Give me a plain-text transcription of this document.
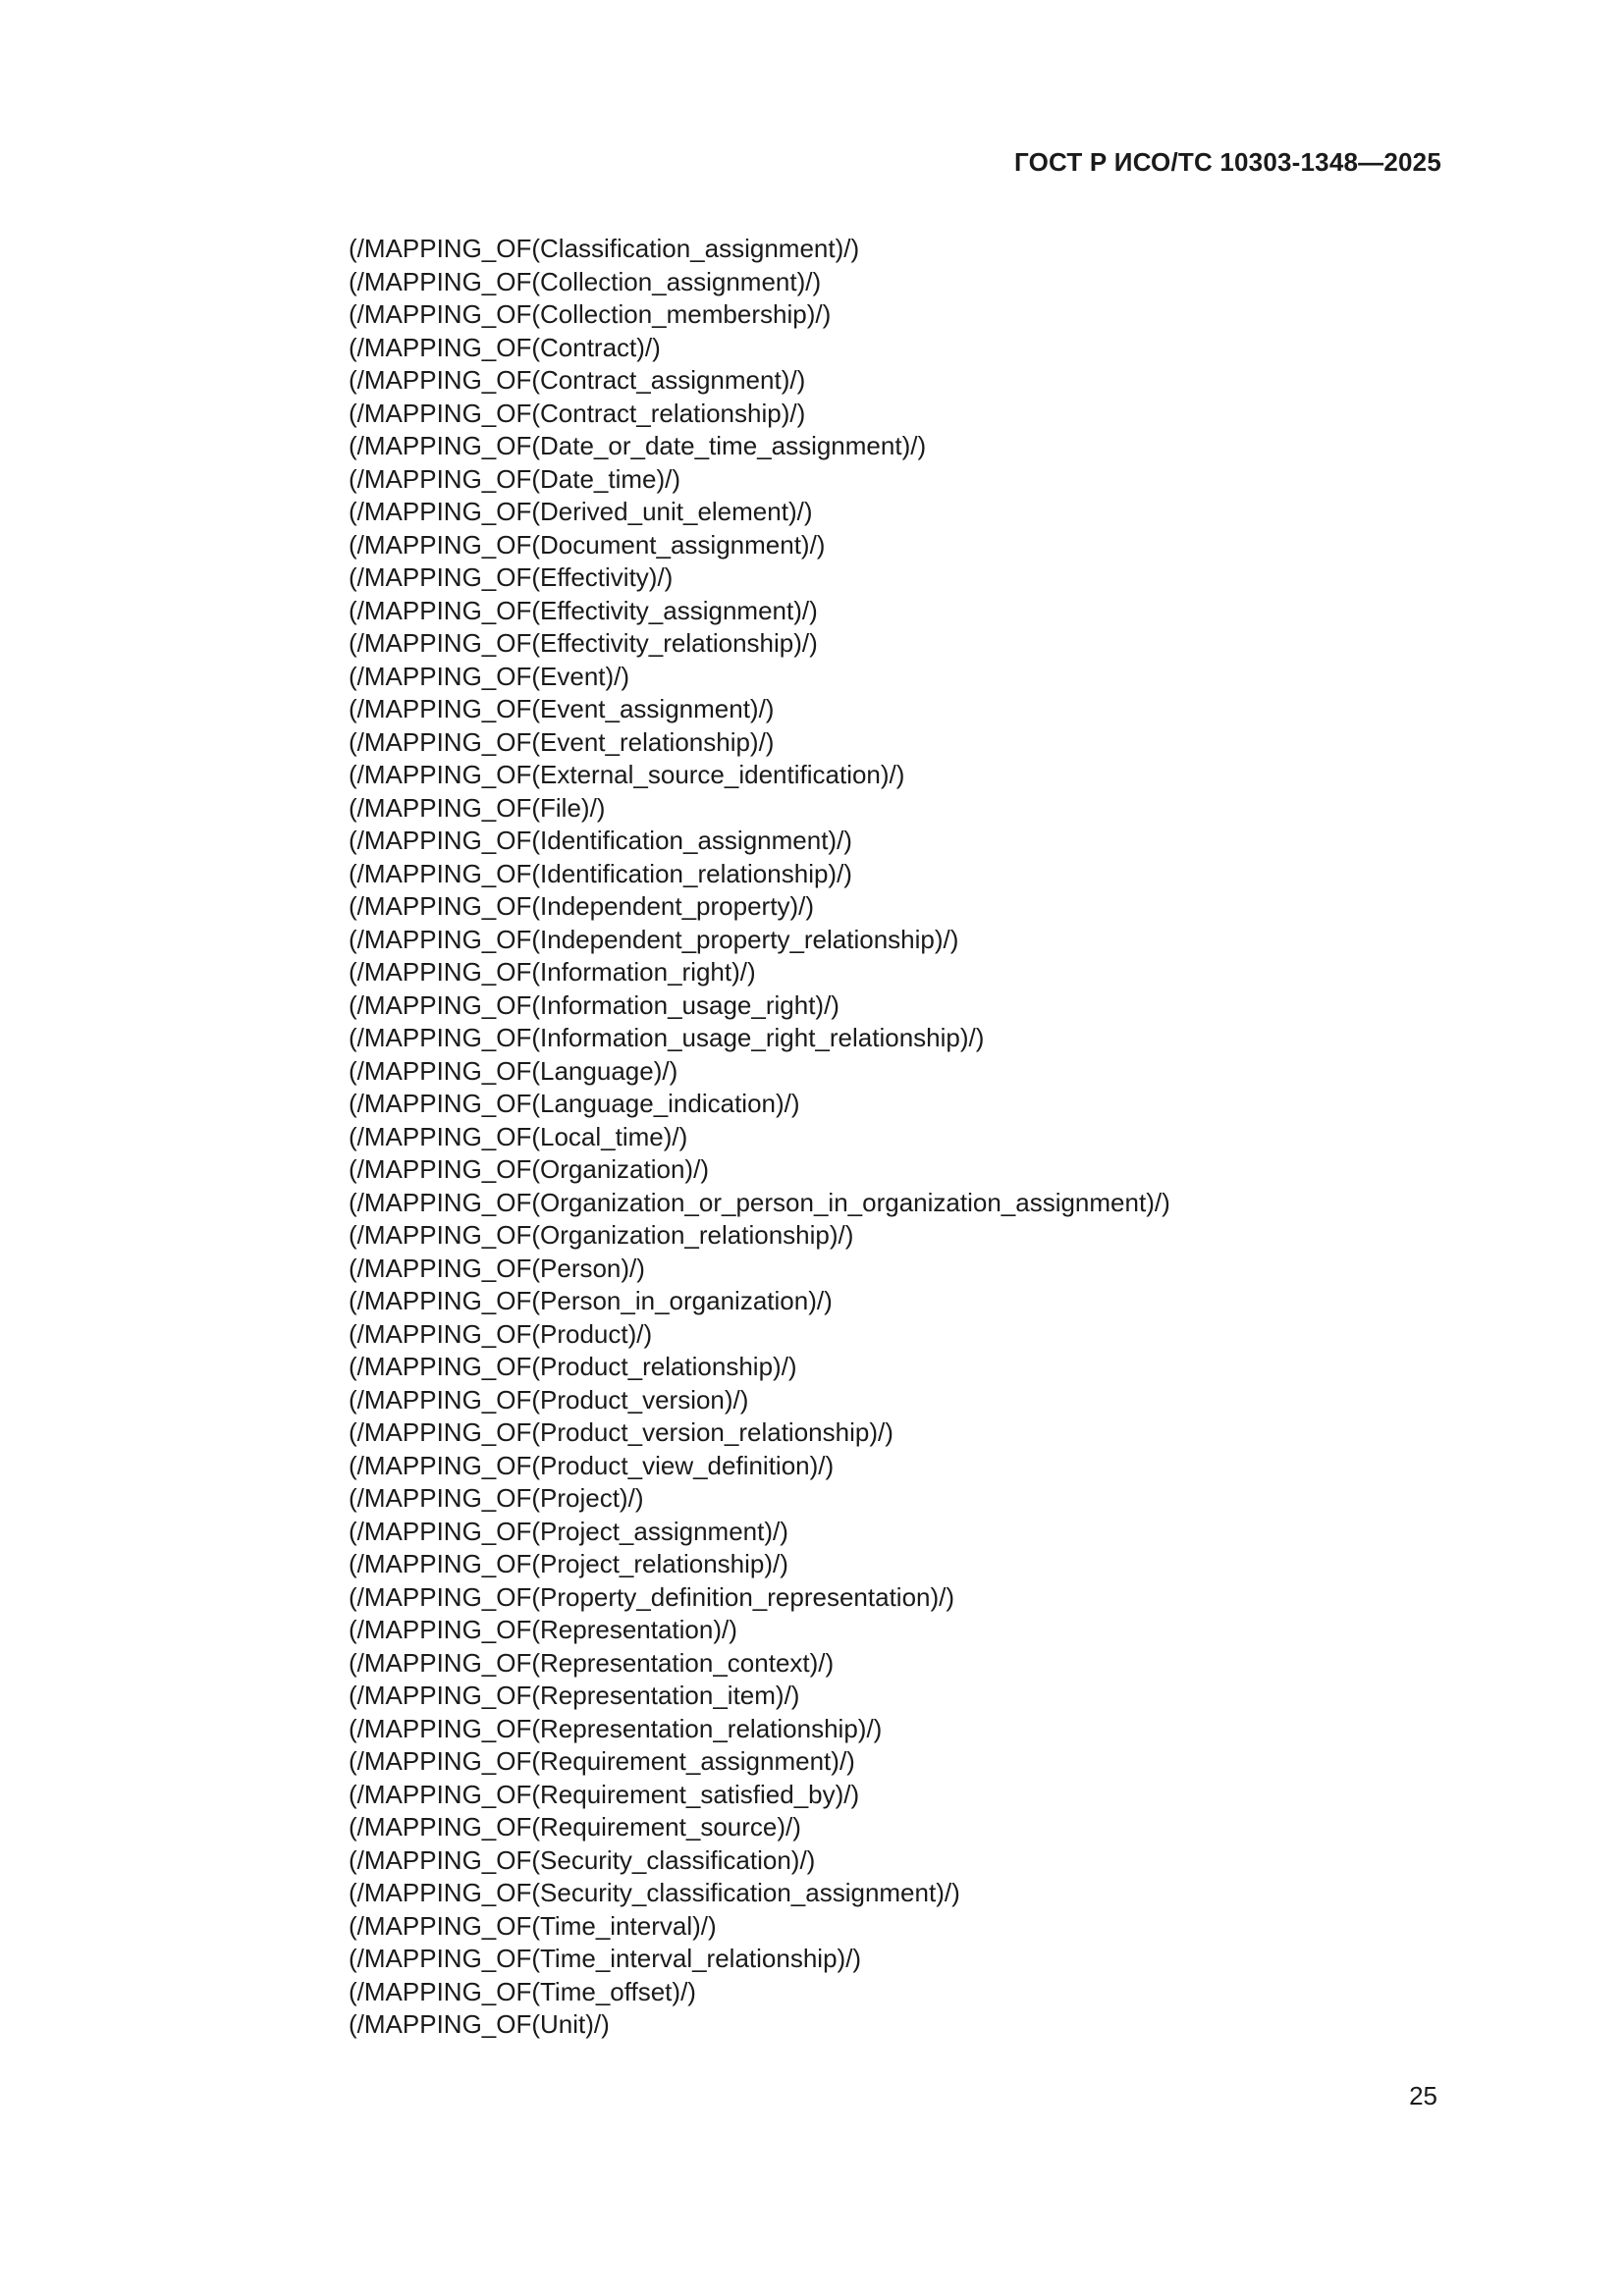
ГОСТ Р ИСО/ТС 10303-1348—2025
(/MAPPING_OF(Classification_assignment)/)
(/MAPPING_OF(Collection_assignment)/)
(/MAPPING_OF(Collection_membership)/)
(/MAPPING_OF(Contract)/)
(/MAPPING_OF(Contract_assignment)/)
(/MAPPING_OF(Contract_relationship)/)
(/MAPPING_OF(Date_or_date_time_assignment)/)
(/MAPPING_OF(Date_time)/)
(/MAPPING_OF(Derived_unit_element)/)
(/MAPPING_OF(Document_assignment)/)
(/MAPPING_OF(Effectivity)/)
(/MAPPING_OF(Effectivity_assignment)/)
(/MAPPING_OF(Effectivity_relationship)/)
(/MAPPING_OF(Event)/)
(/MAPPING_OF(Event_assignment)/)
(/MAPPING_OF(Event_relationship)/)
(/MAPPING_OF(External_source_identification)/)
(/MAPPING_OF(File)/)
(/MAPPING_OF(Identification_assignment)/)
(/MAPPING_OF(Identification_relationship)/)
(/MAPPING_OF(Independent_property)/)
(/MAPPING_OF(Independent_property_relationship)/)
(/MAPPING_OF(Information_right)/)
(/MAPPING_OF(Information_usage_right)/)
(/MAPPING_OF(Information_usage_right_relationship)/)
(/MAPPING_OF(Language)/)
(/MAPPING_OF(Language_indication)/)
(/MAPPING_OF(Local_time)/)
(/MAPPING_OF(Organization)/)
(/MAPPING_OF(Organization_or_person_in_organization_assignment)/)
(/MAPPING_OF(Organization_relationship)/)
(/MAPPING_OF(Person)/)
(/MAPPING_OF(Person_in_organization)/)
(/MAPPING_OF(Product)/)
(/MAPPING_OF(Product_relationship)/)
(/MAPPING_OF(Product_version)/)
(/MAPPING_OF(Product_version_relationship)/)
(/MAPPING_OF(Product_view_definition)/)
(/MAPPING_OF(Project)/)
(/MAPPING_OF(Project_assignment)/)
(/MAPPING_OF(Project_relationship)/)
(/MAPPING_OF(Property_definition_representation)/)
(/MAPPING_OF(Representation)/)
(/MAPPING_OF(Representation_context)/)
(/MAPPING_OF(Representation_item)/)
(/MAPPING_OF(Representation_relationship)/)
(/MAPPING_OF(Requirement_assignment)/)
(/MAPPING_OF(Requirement_satisfied_by)/)
(/MAPPING_OF(Requirement_source)/)
(/MAPPING_OF(Security_classification)/)
(/MAPPING_OF(Security_classification_assignment)/)
(/MAPPING_OF(Time_interval)/)
(/MAPPING_OF(Time_interval_relationship)/)
(/MAPPING_OF(Time_offset)/)
(/MAPPING_OF(Unit)/)
25
